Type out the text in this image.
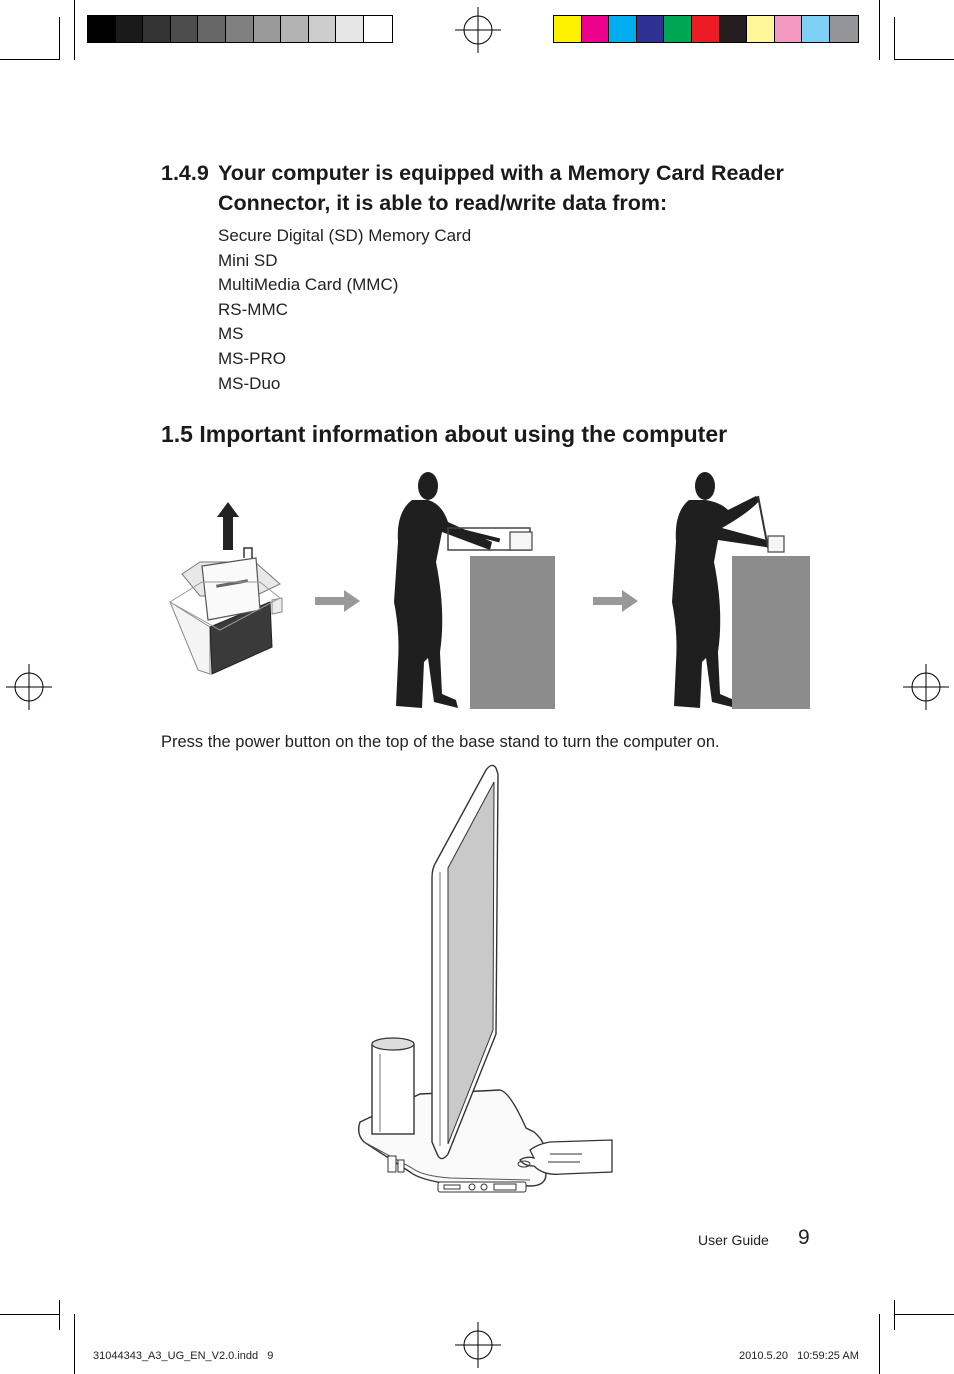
1.4.9 Your computer is equipped with a Memory Card Reader Connector, it is able to read/write data from:
Secure Digital (SD) Memory Card
Mini SD
MultiMedia Card (MMC)
RS-MMC
MS
MS-PRO
MS-Duo
1.5 Important information about using the computer
Press the power button on the top of the base stand to turn the computer on.
User Guide 9
31044343_A3_UG_EN_V2.0.indd   9	2010.5.20   10:59:25 AM
